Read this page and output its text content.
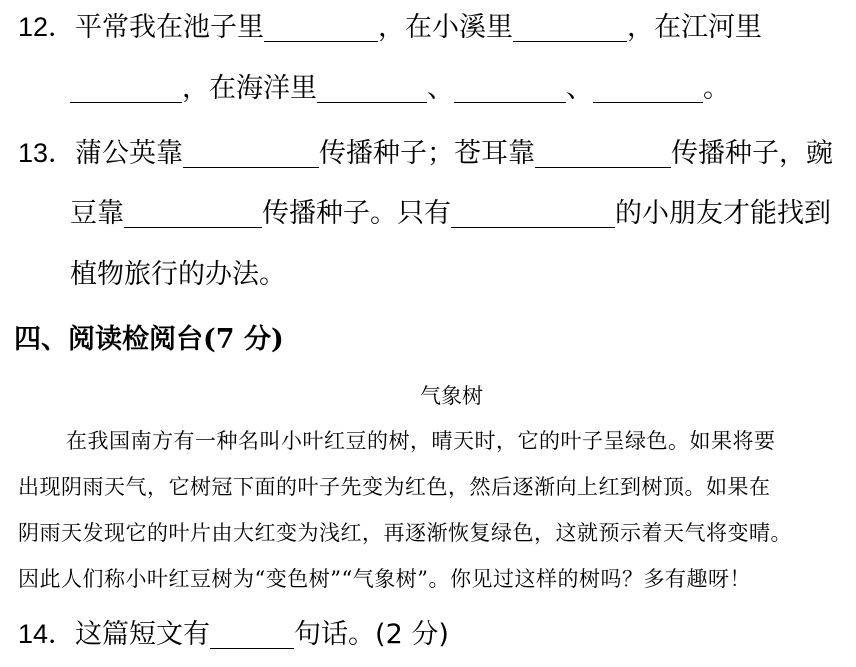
12．平常我在池子里	，在小溪里	，在江河里
，在海洋里	、	、	。
13．蒲公英靠	传播种子；苍耳靠	传播种子，豌
豆靠	传播种子。只有	的小朋友才能找到
植物旅行的办法。
四、阅读检阅台(7 分)
气象树
在我国南方有一种名叫小叶红豆的树，晴天时，它的叶子呈绿色。如果将要
出现阴雨天气，它树冠下面的叶子先变为红色，然后逐渐向上红到树顶。如果在
阴雨天发现它的叶片由大红变为浅红，再逐渐恢复绿色，这就预示着天气将变晴。
因此人们称小叶红豆树为“变色树”“气象树”。你见过这样的树吗？多有趣呀！
14．这篇短文有	句话。(2 分)
